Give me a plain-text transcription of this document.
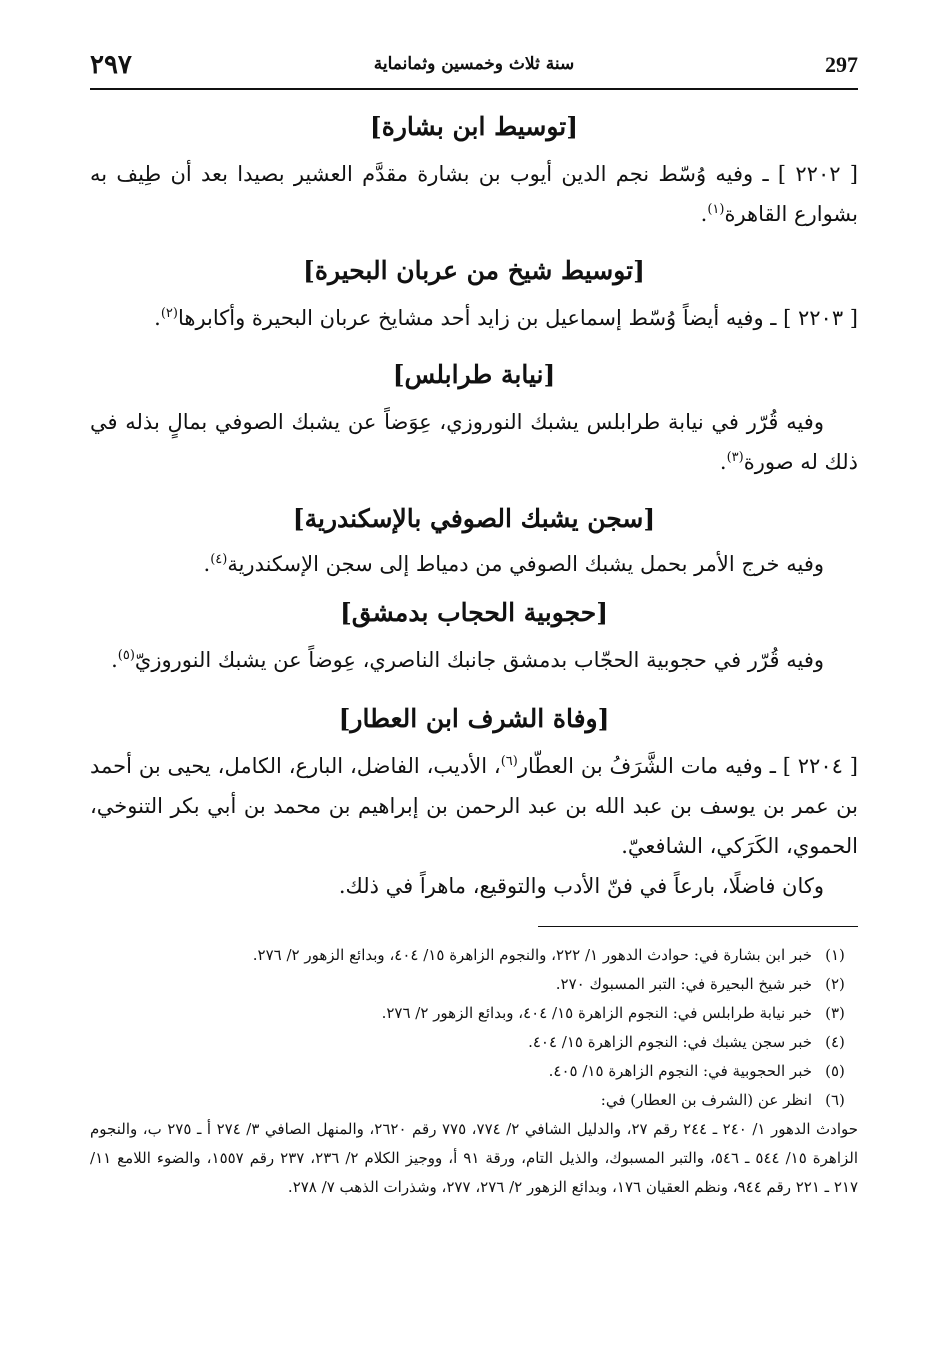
297
سنة ثلاث وخمسين وثمانماية
٢٩٧
[توسيط ابن بشارة]

[ ٢٢٠٢ ] ـ وفيه وُسّط نجم الدين أيوب بن بشارة مقدَّم العشير بصيدا بعد أن طِيف به بشوارع القاهرة$^{(١)}$.

[توسيط شيخ من عربان البحيرة]

[ ٢٢٠٣ ] ـ وفيه أيضاً وُسّط إسماعيل بن زايد أحد مشايخ عربان البحيرة وأكابرها$^{(٢)}$.

[نيابة طرابلس]

وفيه قُرّر في نيابة طرابلس يشبك النوروزي، عِوَضاً عن يشبك الصوفي بمالٍ بذله في ذلك له صورة$^{(٣)}$.

[سجن يشبك الصوفي بالإسكندرية]

وفيه خرج الأمر بحمل يشبك الصوفي من دمياط إلى سجن الإسكندرية$^{(٤)}$.

[حجوبية الحجاب بدمشق]

وفيه قُرّر في حجوبية الحجّاب بدمشق جانبك الناصري، عِوضاً عن يشبك النوروزيّ$^{(٥)}$.

[وفاة الشرف ابن العطار]

[ ٢٢٠٤ ] ـ وفيه مات الشَّرَفُ بن العطّار$^{(٦)}$، الأديب، الفاضل، البارع، الكامل، يحيى بن أحمد بن عمر بن يوسف بن عبد الله بن عبد الرحمن بن إبراهيم بن محمد بن أبي بكر التنوخي، الحموي، الكَرَكي، الشافعيّ.

وكان فاضلًا، بارعاً في فنّ الأدب والتوقيع، ماهراً في ذلك.

(١)
خبر ابن بشارة في: حوادث الدهور ١/ ٢٢٢، والنجوم الزاهرة ١٥/ ٤٠٤، وبدائع الزهور ٢/ ٢٧٦.
(٢)
خبر شيخ البحيرة في: التبر المسبوك ٢٧٠.
(٣)
خبر نيابة طرابلس في: النجوم الزاهرة ١٥/ ٤٠٤، وبدائع الزهور ٢/ ٢٧٦.
(٤)
خبر سجن يشبك في: النجوم الزاهرة ١٥/ ٤٠٤.
(٥)
خبر الحجوبية في: النجوم الزاهرة ١٥/ ٤٠٥.
(٦)
انظر عن (الشرف بن العطار) في:
حوادث الدهور ١/ ٢٤٠ ـ ٢٤٤ رقم ٢٧، والدليل الشافي ٢/ ٧٧٤، ٧٧٥ رقم ٢٦٢٠، والمنهل الصافي ٣/ ٢٧٤ أ ـ ٢٧٥ ب، والنجوم الزاهرة ١٥/ ٥٤٤ ـ ٥٤٦، والتبر المسبوك، والذيل التام، ورقة ٩١ أ، ووجيز الكلام ٢/ ٢٣٦، ٢٣٧ رقم ١٥٥٧، والضوء اللامع ١١/ ٢١٧ ـ ٢٢١ رقم ٩٤٤، ونظم العقيان ١٧٦، وبدائع الزهور ٢/ ٢٧٦، ٢٧٧، وشذرات الذهب ٧/ ٢٧٨.
